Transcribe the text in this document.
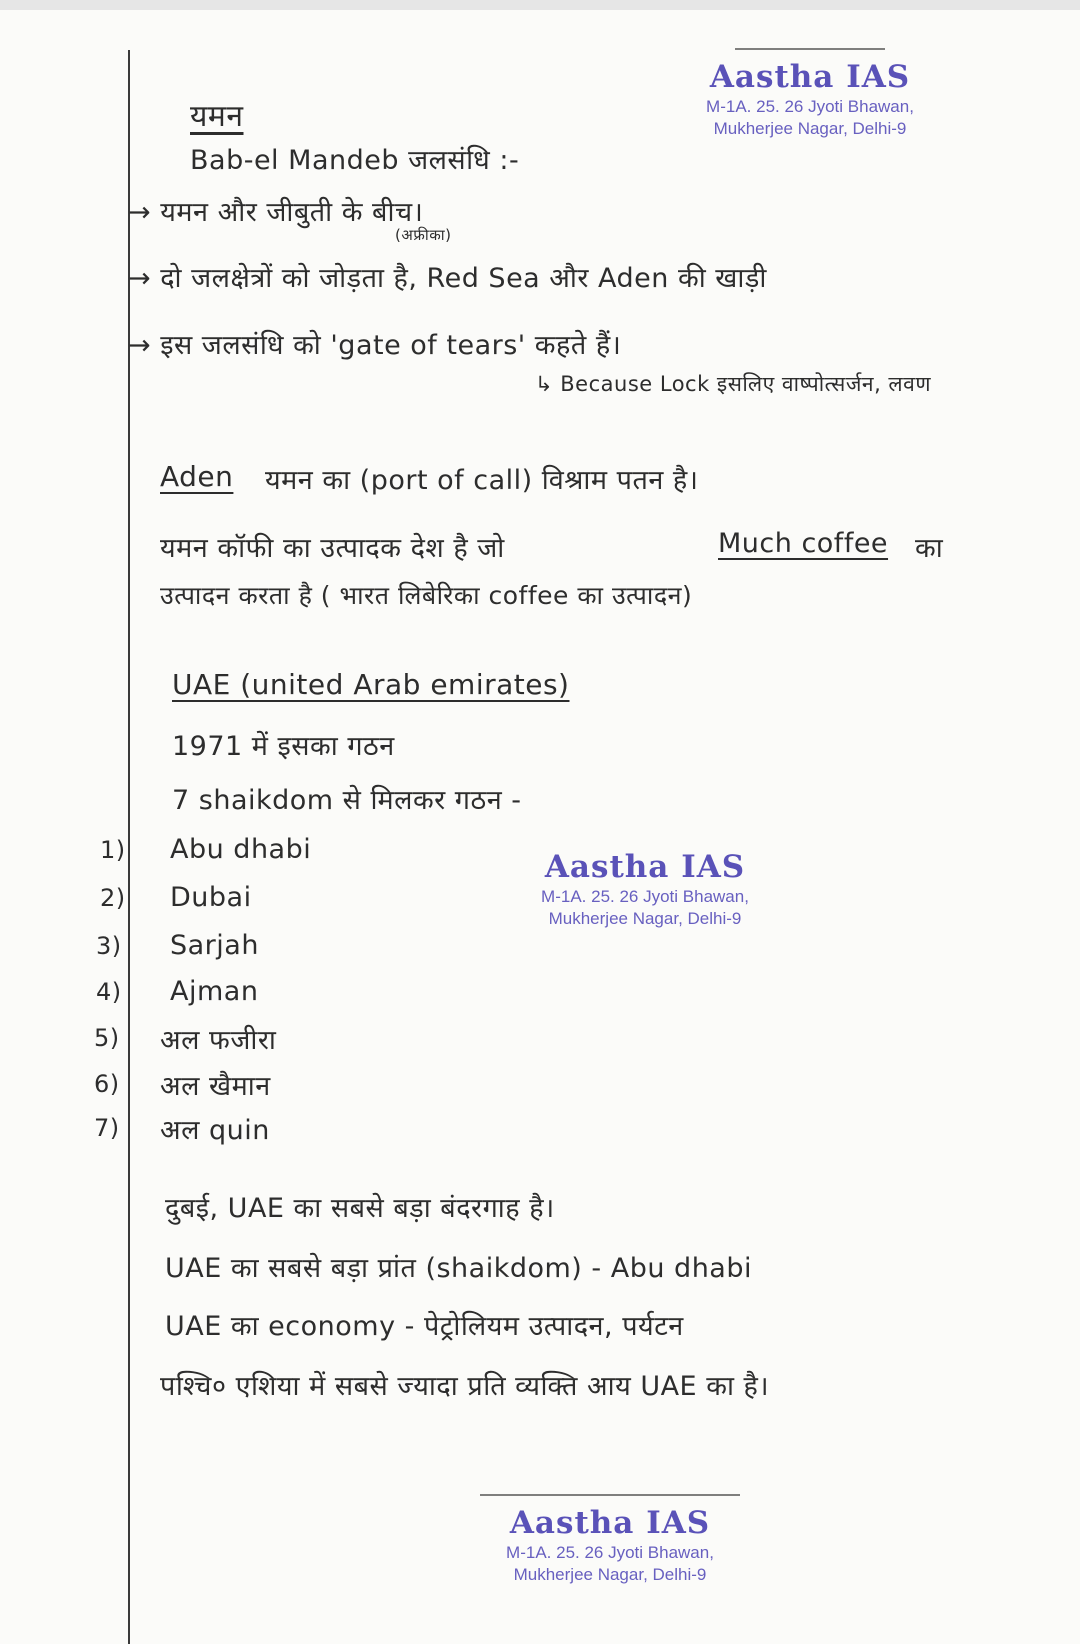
यमन
Bab-el Mandeb जलसंधि :-
→ यमन और जीबुती के बीच।
(अफ्रीका)
→ दो जलक्षेत्रों को जोड़ता है, Red Sea और Aden की खाड़ी
→ इस जलसंधि को 'gate of tears' कहते हैं।
↳ Because Lock इसलिए वाष्पोत्सर्जन, लवण
Aden यमन का (port of call) विश्राम पतन है।
यमन कॉफी का उत्पादक देश है जो	Much coffee का
उत्पादन करता है ( भारत लिबेरिका coffee का उत्पादन)
UAE (united Arab emirates)
1971 में इसका गठन
7 shaikdom से मिलकर गठन -
1) Abu dhabi
2) Dubai
3) Sarjah
4) Ajman
5) अल फजीरा
6) अल खैमान
7) अल quin
दुबई, UAE का सबसे बड़ा बंदरगाह है।
UAE का सबसे बड़ा प्रांत (shaikdom) - Abu dhabi
UAE का economy - पेट्रोलियम उत्पादन, पर्यटन
पश्चि० एशिया में सबसे ज्यादा प्रति व्यक्ति आय UAE का है।
Aastha IAS
M-1A. 25. 26 Jyoti Bhawan,
Mukherjee Nagar, Delhi-9
Aastha IAS
M-1A. 25. 26 Jyoti Bhawan,
Mukherjee Nagar, Delhi-9
Aastha IAS
M-1A. 25. 26 Jyoti Bhawan,
Mukherjee Nagar, Delhi-9
